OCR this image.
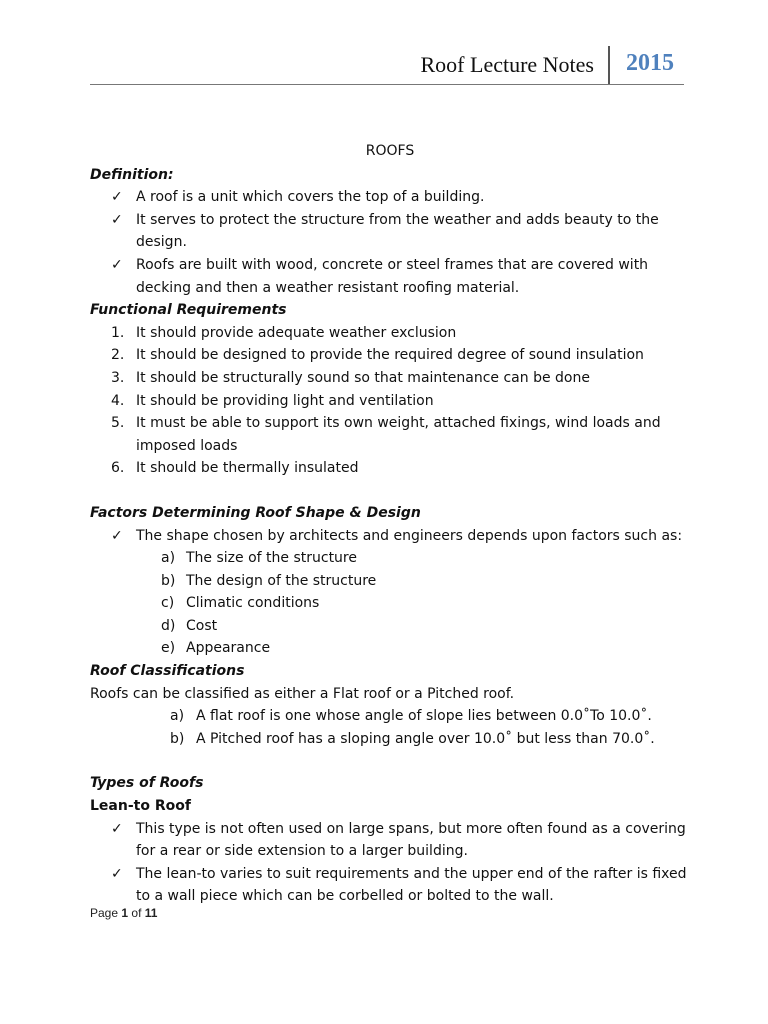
Roof Lecture Notes 2015
ROOFS
Definition:
✓ A roof is a unit which covers the top of a building.
✓ It serves to protect the structure from the weather and adds beauty to the design.
✓ Roofs are built with wood, concrete or steel frames that are covered with decking and then a weather resistant roofing material.
Functional Requirements
1. It should provide adequate weather exclusion
2. It should be designed to provide the required degree of sound insulation
3. It should be structurally sound so that maintenance can be done
4. It should be providing light and ventilation
5. It must be able to support its own weight, attached fixings, wind loads and imposed loads
6. It should be thermally insulated
Factors Determining Roof Shape & Design
✓ The shape chosen by architects and engineers depends upon factors such as:
a) The size of the structure
b) The design of the structure
c) Climatic conditions
d) Cost
e) Appearance
Roof Classifications
Roofs can be classified as either a Flat roof or a Pitched roof.
a) A flat roof is one whose angle of slope lies between 0.0˚To 10.0˚.
b) A Pitched roof has a sloping angle over 10.0˚ but less than 70.0˚.
Types of Roofs
Lean-to Roof
✓ This type is not often used on large spans, but more often found as a covering for a rear or side extension to a larger building.
✓ The lean-to varies to suit requirements and the upper end of the rafter is fixed to a wall piece which can be corbelled or bolted to the wall.
Page 1 of 11
